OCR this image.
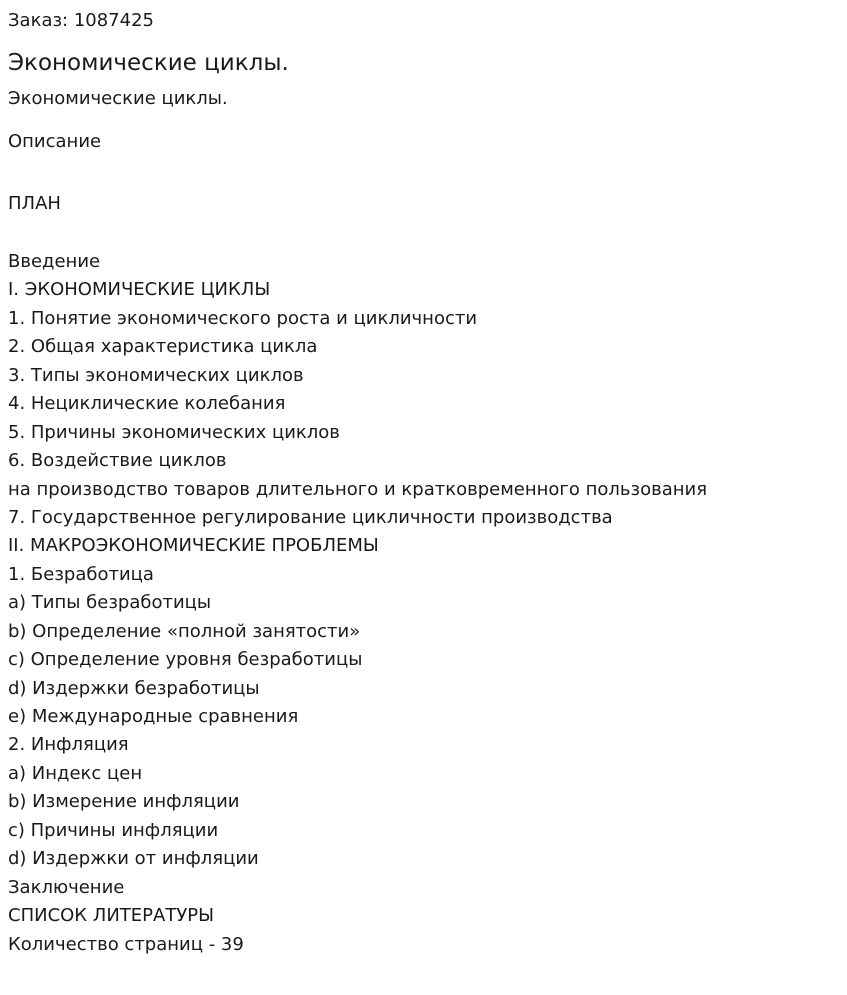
Заказ: 1087425
Экономические циклы.
Экономические циклы.
Описание
ПЛАН
Введение
I. ЭКОНОМИЧЕСКИЕ ЦИКЛЫ
1. Понятие экономического роста и цикличности
2. Общая характеристика цикла
3. Типы экономических циклов
4. Нециклические колебания
5. Причины экономических циклов
6. Воздействие циклов
на производство товаров длительного и кратковременного пользования
7. Государственное регулирование цикличности производства
II. МАКРОЭКОНОМИЧЕСКИЕ ПРОБЛЕМЫ
1. Безработица
a) Типы безработицы
b) Определение «полной занятости»
c) Определение уровня безработицы
d) Издержки безработицы
e) Международные сравнения
2. Инфляция
a) Индекс цен
b) Измерение инфляции
c) Причины инфляции
d) Издержки от инфляции
Заключение
СПИСОК ЛИТЕРАТУРЫ
Количество страниц - 39
